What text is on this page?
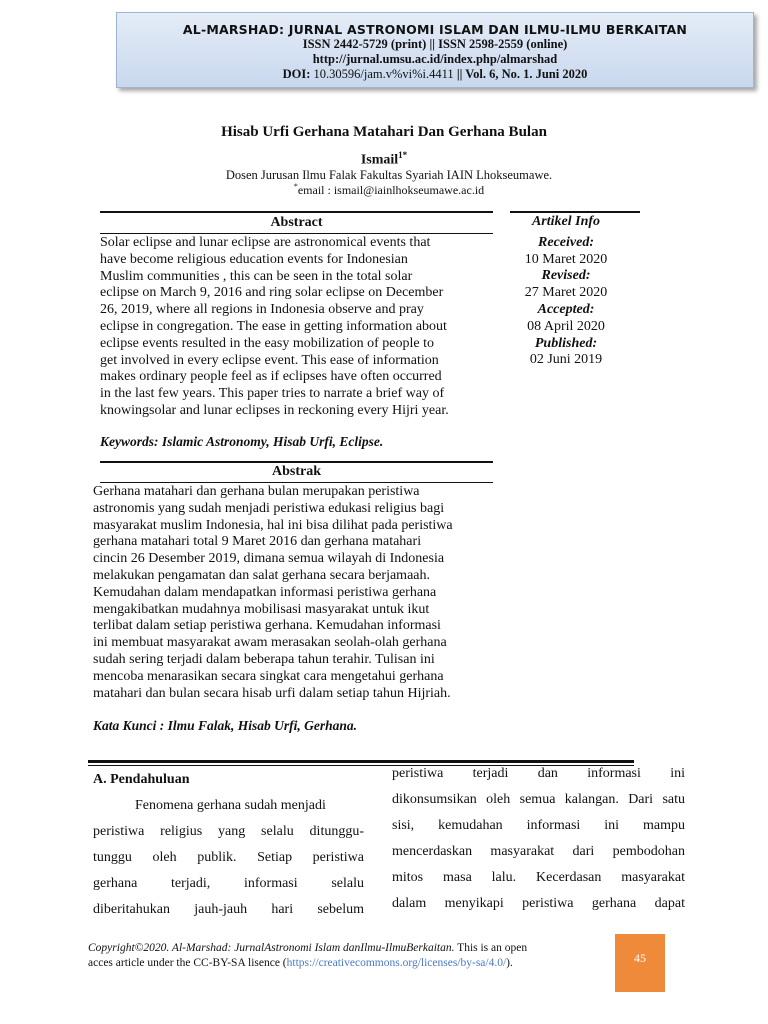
AL-MARSHAD: JURNAL ASTRONOMI ISLAM DAN ILMU-ILMU BERKAITAN
ISSN 2442-5729 (print) || ISSN 2598-2559 (online)
http://jurnal.umsu.ac.id/index.php/almarshad
DOI: 10.30596/jam.v%vi%i.4411 || Vol. 6, No. 1. Juni 2020
Hisab Urfi Gerhana Matahari Dan Gerhana Bulan
Ismail$^{1*}$
Dosen Jurusan Ilmu Falak Fakultas Syariah IAIN Lhokseumawe.
*email : ismail@iainlhokseumawe.ac.id
Abstract
Solar eclipse and lunar eclipse are astronomical events that
have become religious education events for Indonesian
Muslim communities , this can be seen in the total solar
eclipse on March 9, 2016 and ring solar eclipse on December
26, 2019, where all regions in Indonesia observe and pray
eclipse in congregation. The ease in getting information about
eclipse events resulted in the easy mobilization of people to
get involved in every eclipse event. This ease of information
makes ordinary people feel as if eclipses have often occurred
in the last few years. This paper tries to narrate a brief way of
knowingsolar and lunar eclipses in reckoning every Hijri year.
Keywords: Islamic Astronomy, Hisab Urfi, Eclipse.
Artikel Info
Received:
10 Maret 2020
Revised:
27 Maret 2020
Accepted:
08 April 2020
Published:
02 Juni 2019
Abstrak
Gerhana matahari dan gerhana bulan merupakan peristiwa
astronomis yang sudah menjadi peristiwa edukasi religius bagi
masyarakat muslim Indonesia, hal ini bisa dilihat pada peristiwa
gerhana matahari total 9 Maret 2016 dan gerhana matahari
cincin 26 Desember 2019, dimana semua wilayah di Indonesia
melakukan pengamatan dan salat gerhana secara berjamaah.
Kemudahan dalam mendapatkan informasi peristiwa gerhana
mengakibatkan mudahnya mobilisasi masyarakat untuk ikut
terlibat dalam setiap peristiwa gerhana. Kemudahan informasi
ini membuat masyarakat awam merasakan seolah-olah gerhana
sudah sering terjadi dalam beberapa tahun terahir. Tulisan ini
mencoba menarasikan secara singkat cara mengetahui gerhana
matahari dan bulan secara hisab urfi dalam setiap tahun Hijriah.
Kata Kunci : Ilmu Falak, Hisab Urfi, Gerhana.
A. Pendahuluan
Fenomena gerhana sudah menjadi
peristiwa religius yang selalu ditunggu-
tunggu oleh publik. Setiap peristiwa
gerhana terjadi, informasi selalu
diberitahukan jauh-jauh hari sebelum
peristiwa terjadi dan informasi ini
dikonsumsikan oleh semua kalangan. Dari satu
sisi, kemudahan informasi ini mampu
mencerdaskan masyarakat dari pembodohan
mitos masa lalu. Kecerdasan masyarakat
dalam menyikapi peristiwa gerhana dapat
Copyright©2020. Al-Marshad: JurnalAstronomi Islam danIlmu-IlmuBerkaitan. This is an open
acces article under the CC-BY-SA lisence (https://creativecommons.org/licenses/by-sa/4.0/).	45
